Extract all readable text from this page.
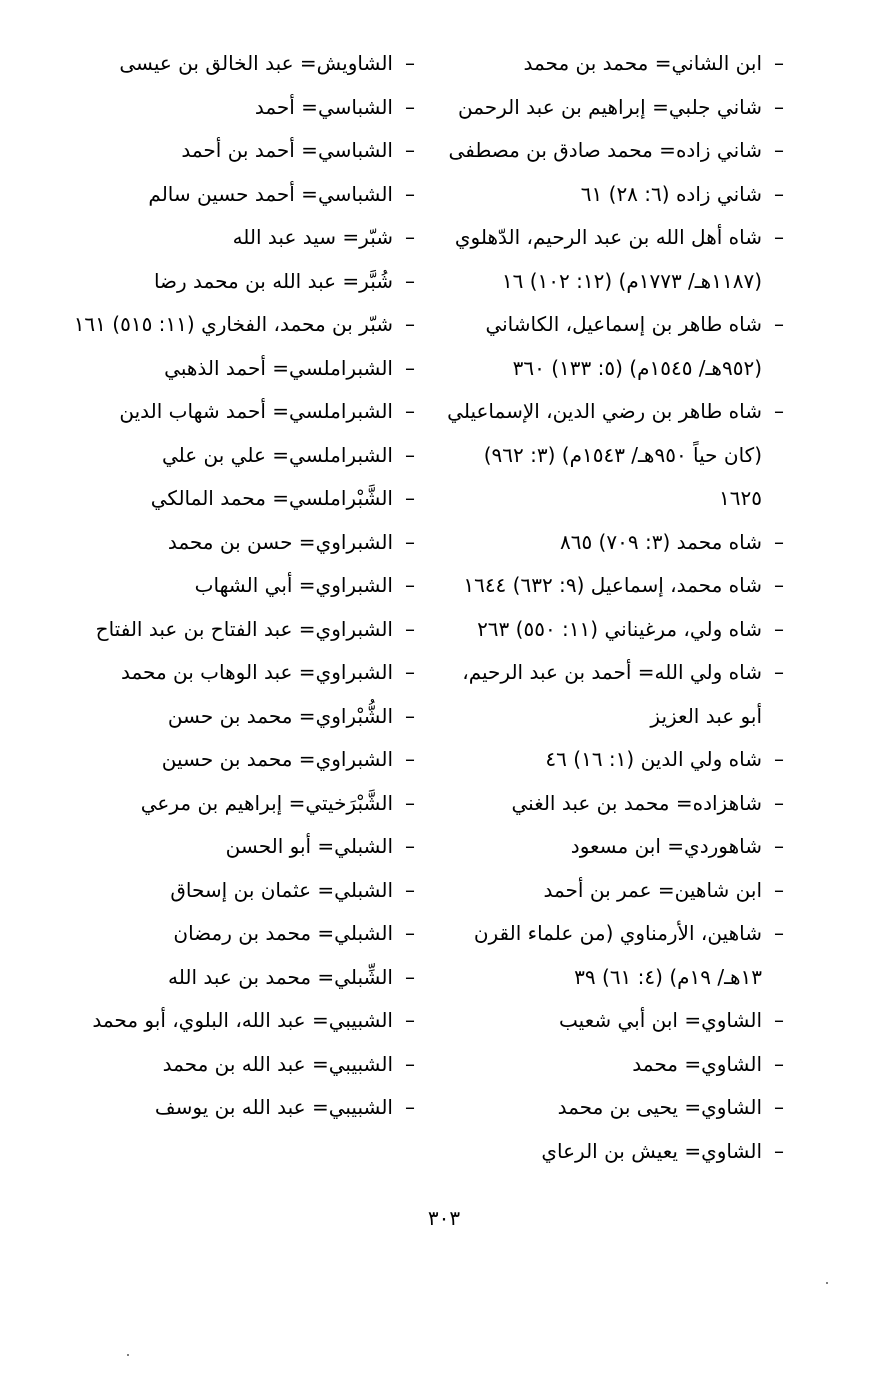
–
ابن الشاني= محمد بن محمد
–
شاني جلبي= إبراهيم بن عبد الرحمن
–
شاني زاده= محمد صادق بن مصطفى
–
شاني زاده (٦: ٢٨) ٦١
–
شاه أهل الله بن عبد الرحيم، الدّهلوي (١١٨٧هـ/ ١٧٧٣م) (١٢: ١٠٢) ١٦
–
شاه طاهر بن إسماعيل، الكاشاني (٩٥٢هـ/ ١٥٤٥م) (٥: ١٣٣) ٣٦٠
–
شاه طاهر بن رضي الدين، الإسماعيلي (كان حياً ٩٥٠هـ/ ١٥٤٣م) (٣: ٩٦٢) ١٦٢٥
–
شاه محمد (٣: ٧٠٩) ٨٦٥
–
شاه محمد، إسماعيل (٩: ٦٣٢) ١٦٤٤
–
شاه ولي، مرغيناني (١١: ٥٥٠) ٢٦٣
–
شاه ولي الله= أحمد بن عبد الرحيم، أبو عبد العزيز
–
شاه ولي الدين (١: ١٦) ٤٦
–
شاهزاده= محمد بن عبد الغني
–
شاهوردي= ابن مسعود
–
ابن شاهين= عمر بن أحمد
–
شاهين، الأرمناوي (من علماء القرن ١٣هـ/ ١٩م) (٤: ٦١) ٣٩
–
الشاوي= ابن أبي شعيب
–
الشاوي= محمد
–
الشاوي= يحيى بن محمد
–
الشاوي= يعيش بن الرعاي
–
الشاويش= عبد الخالق بن عيسى
–
الشباسي= أحمد
–
الشباسي= أحمد بن أحمد
–
الشباسي= أحمد حسين سالم
–
شبّر= سيد عبد الله
–
شُبَّر= عبد الله بن محمد رضا
–
شبّر بن محمد، الفخاري (١١: ٥١٥) ١٦١
–
الشبراملسي= أحمد الذهبي
–
الشبراملسي= أحمد شهاب الدين
–
الشبراملسي= علي بن علي
–
الشَّبْراملسي= محمد المالكي
–
الشبراوي= حسن بن محمد
–
الشبراوي= أبي الشهاب
–
الشبراوي= عبد الفتاح بن عبد الفتاح
–
الشبراوي= عبد الوهاب بن محمد
–
الشُّبْراوي= محمد بن حسن
–
الشبراوي= محمد بن حسين
–
الشَّبْرَخيتي= إبراهيم بن مرعي
–
الشبلي= أبو الحسن
–
الشبلي= عثمان بن إسحاق
–
الشبلي= محمد بن رمضان
–
الشِّبلي= محمد بن عبد الله
–
الشبيبي= عبد الله، البلوي، أبو محمد
–
الشبيبي= عبد الله بن محمد
–
الشبيبي= عبد الله بن يوسف
٣٠٣
